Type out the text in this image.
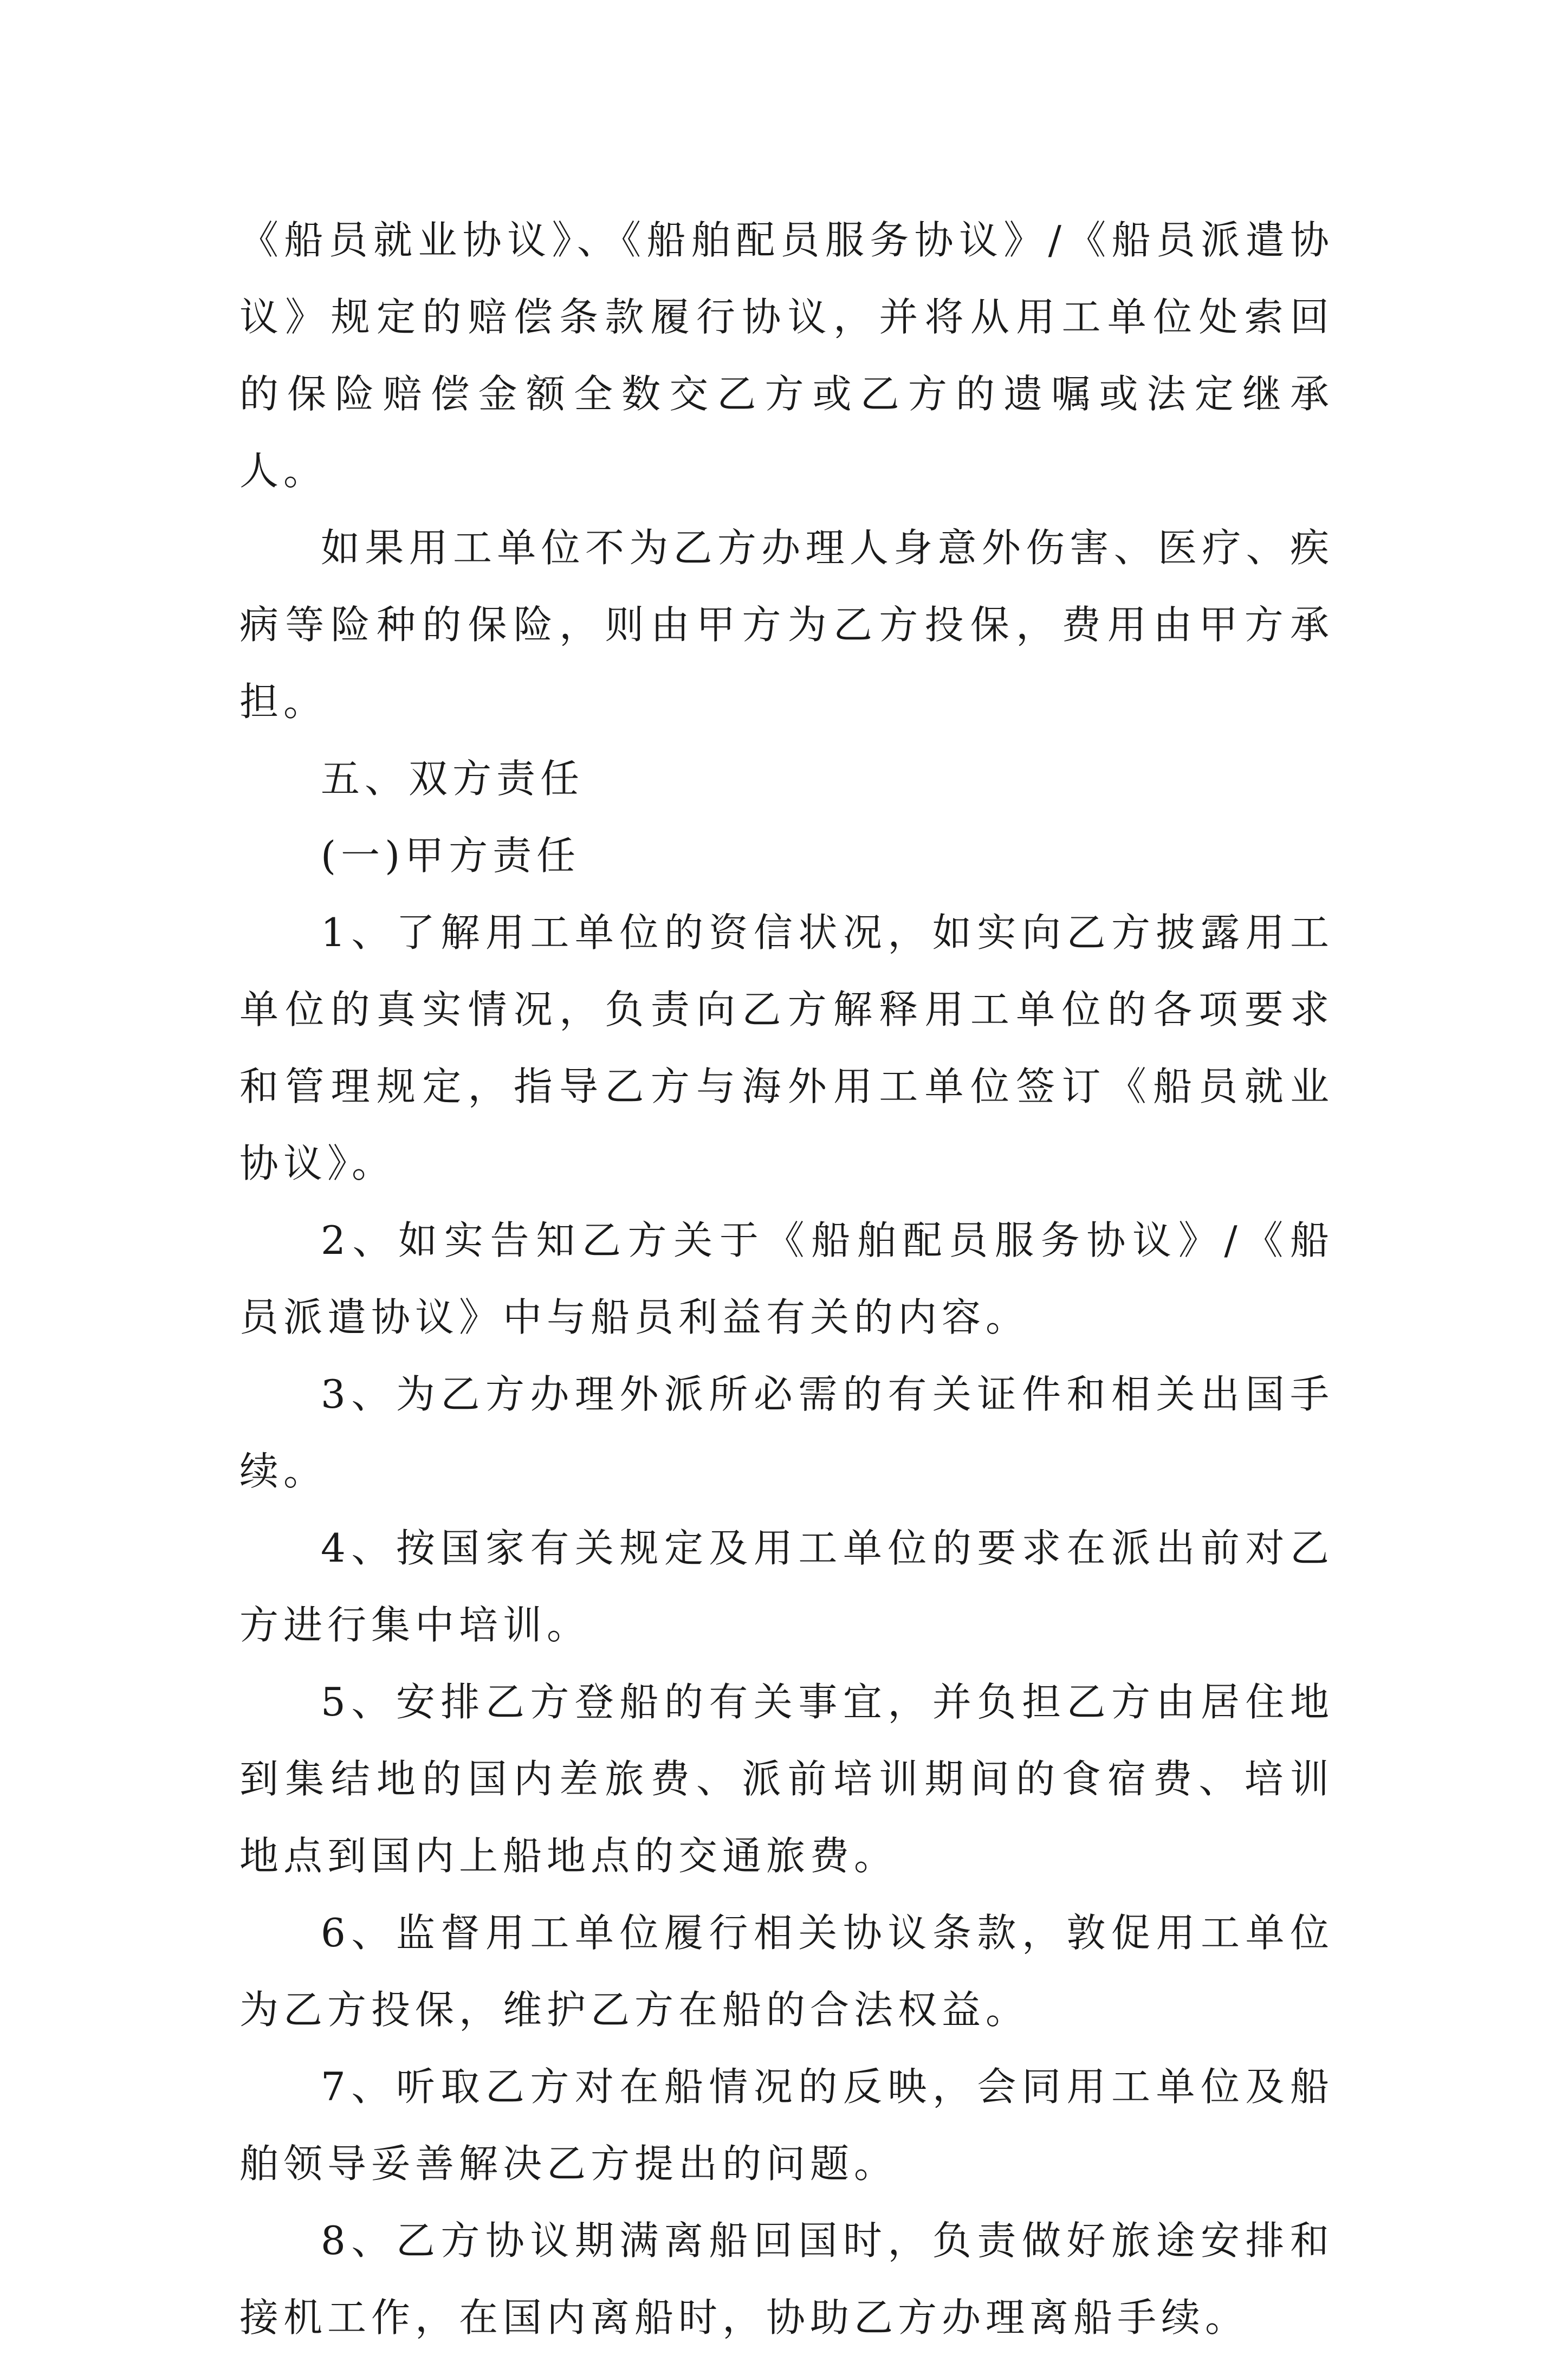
《船员就业协议》、《船舶配员服务协议》/《船员派遣协议》规定的赔偿条款履行协议，并将从用工单位处索回的保险赔偿金额全数交乙方或乙方的遗嘱或法定继承人。

如果用工单位不为乙方办理人身意外伤害、医疗、疾病等险种的保险，则由甲方为乙方投保，费用由甲方承担。

五、双方责任

(一)甲方责任

1、了解用工单位的资信状况，如实向乙方披露用工单位的真实情况，负责向乙方解释用工单位的各项要求和管理规定，指导乙方与海外用工单位签订《船员就业协议》。

2、如实告知乙方关于《船舶配员服务协议》/《船员派遣协议》中与船员利益有关的内容。

3、为乙方办理外派所必需的有关证件和相关出国手续。

4、按国家有关规定及用工单位的要求在派出前对乙方进行集中培训。

5、安排乙方登船的有关事宜，并负担乙方由居住地到集结地的国内差旅费、派前培训期间的食宿费、培训地点到国内上船地点的交通旅费。

6、监督用工单位履行相关协议条款，敦促用工单位为乙方投保，维护乙方在船的合法权益。

7、听取乙方对在船情况的反映，会同用工单位及船舶领导妥善解决乙方提出的问题。

8、乙方协议期满离船回国时，负责做好旅途安排和接机工作，在国内离船时，协助乙方办理离船手续。
